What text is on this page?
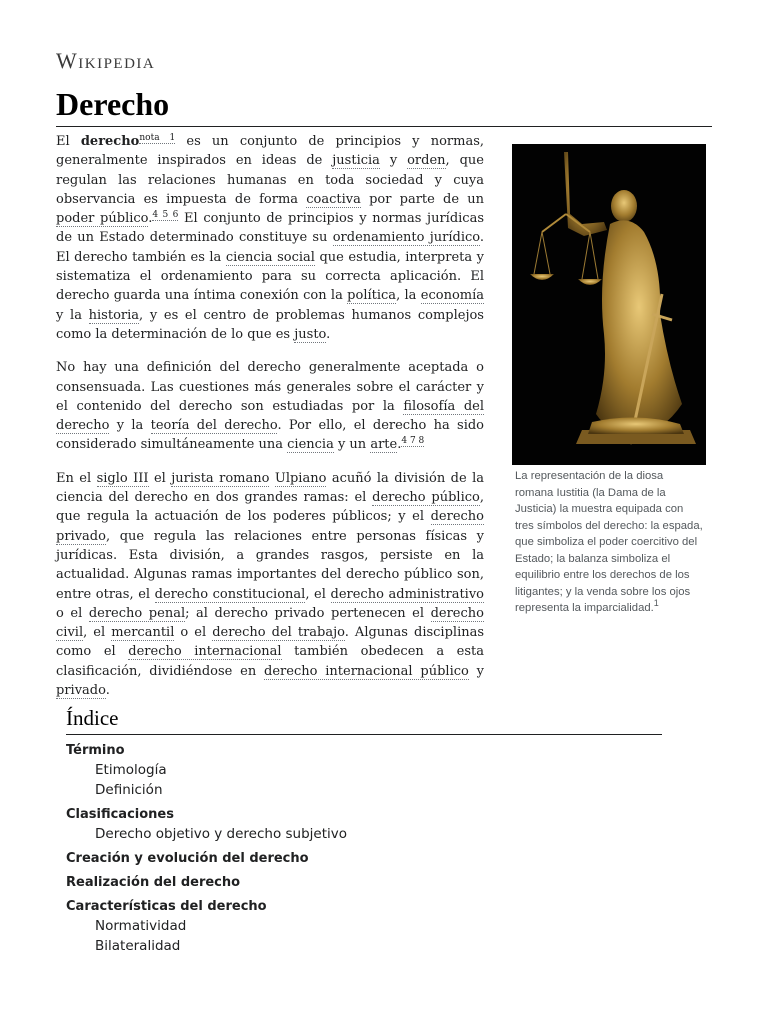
Wikipedia
Derecho

El derecho$^{nota 1}$ es un conjunto de principios y normas, generalmente inspirados en ideas de justicia y orden, que regulan las relaciones humanas en toda sociedad y cuya observancia es impuesta de forma coactiva por parte de un poder público.$^{4 5 6}$ El conjunto de principios y normas jurídicas de un Estado determinado constituye su ordenamiento jurídico. El derecho también es la ciencia social que estudia, interpreta y sistematiza el ordenamiento para su correcta aplicación. El derecho guarda una íntima conexión con la política, la economía y la historia, y es el centro de problemas humanos complejos como la determinación de lo que es justo.

No hay una definición del derecho generalmente aceptada o consensuada. Las cuestiones más generales sobre el carácter y el contenido del derecho son estudiadas por la filosofía del derecho y la teoría del derecho. Por ello, el derecho ha sido considerado simultáneamente una ciencia y un arte.$^{4 7 8}$

En el siglo III el jurista romano Ulpiano acuñó la división de la ciencia del derecho en dos grandes ramas: el derecho público, que regula la actuación de los poderes públicos; y el derecho privado, que regula las relaciones entre personas físicas y jurídicas. Esta división, a grandes rasgos, persiste en la actualidad. Algunas ramas importantes del derecho público son, entre otras, el derecho constitucional, el derecho administrativo o el derecho penal; al derecho privado pertenecen el derecho civil, el mercantil o el derecho del trabajo. Algunas disciplinas como el derecho internacional también obedecen a esta clasificación, dividiéndose en derecho internacional público y privado.

La representación de la diosa romana Iustitia (la Dama de la Justicia) la muestra equipada con tres símbolos del derecho: la espada, que simboliza el poder coercitivo del Estado; la balanza simboliza el equilibrio entre los derechos de los litigantes; y la venda sobre los ojos representa la imparcialidad.$^1$
Índice
Término
Etimología
Definición
Clasificaciones
Derecho objetivo y derecho subjetivo
Creación y evolución del derecho
Realización del derecho
Características del derecho
Normatividad
Bilateralidad
